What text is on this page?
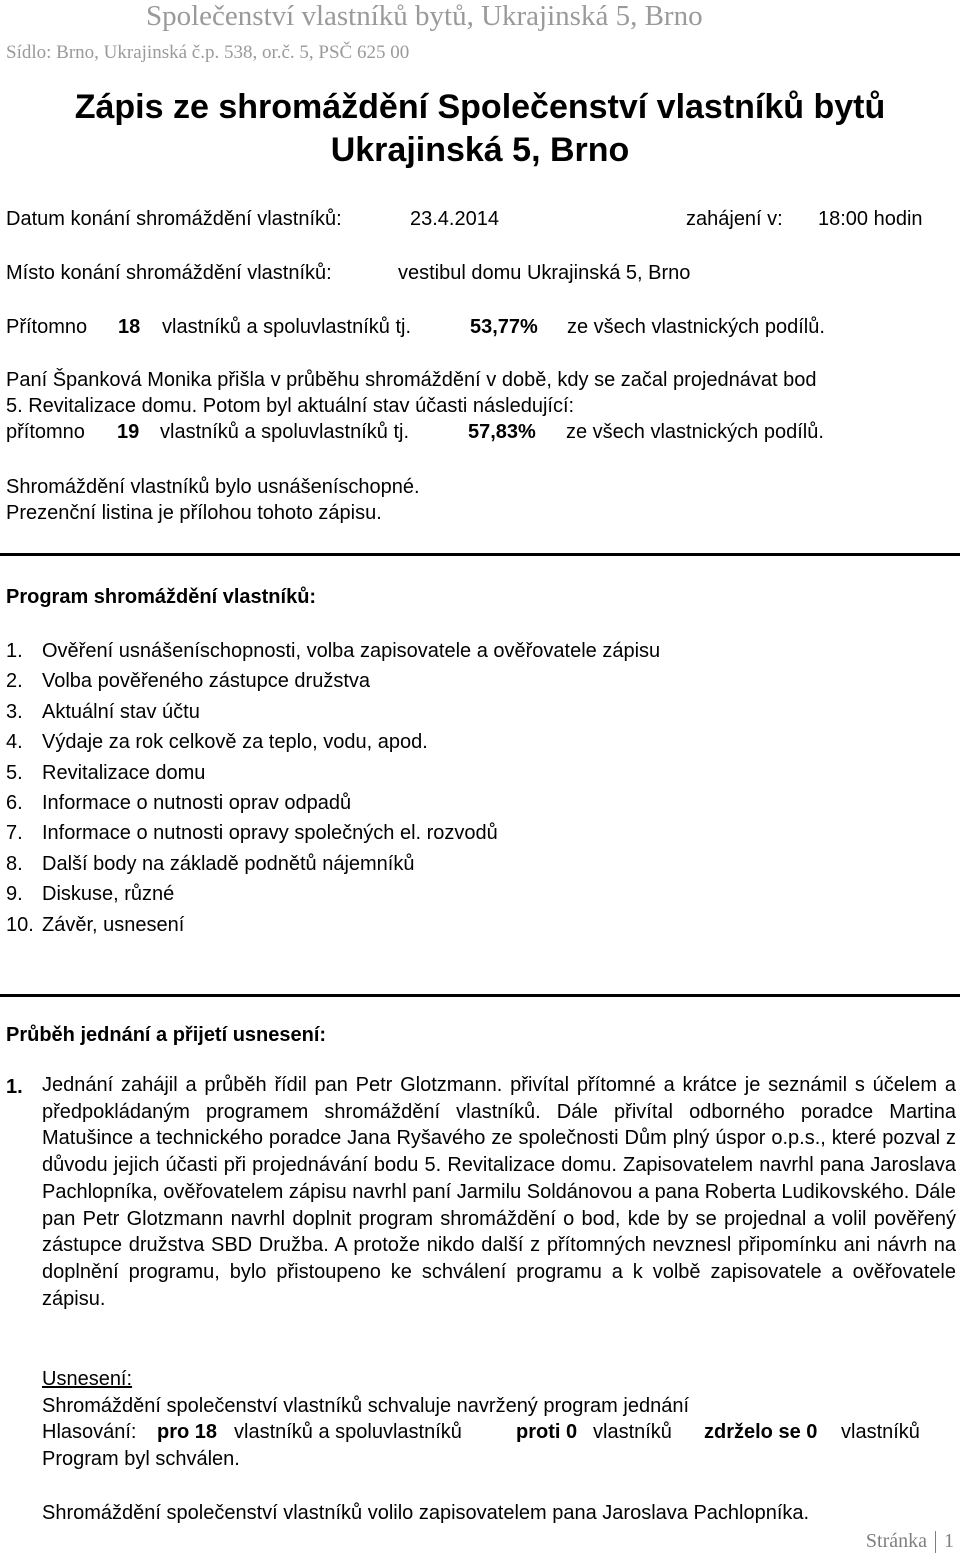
Společenství vlastníků bytů, Ukrajinská 5, Brno
Sídlo: Brno, Ukrajinská č.p. 538, or.č. 5, PSČ 625 00
Zápis ze shromáždění Společenství vlastníků bytů
Ukrajinská 5, Brno
Datum konání shromáždění vlastníků:	23.4.2014	zahájení v: 18:00 hodin
Místo konání shromáždění vlastníků:	vestibul domu Ukrajinská 5, Brno
Přítomno 18 vlastníků a spoluvlastníků tj.	53,77% ze všech vlastnických podílů.
Paní Španková Monika přišla v průběhu shromáždění v době, kdy se začal projednávat bod
5. Revitalizace domu. Potom byl aktuální stav účasti následující:
přítomno 19 vlastníků a spoluvlastníků tj.	57,83% ze všech vlastnických podílů.
Shromáždění vlastníků bylo usnášeníschopné.
Prezenční listina je přílohou tohoto zápisu.
Program shromáždění vlastníků:
1. Ověření usnášeníschopnosti, volba zapisovatele a ověřovatele zápisu
2. Volba pověřeného zástupce družstva
3. Aktuální stav účtu
4. Výdaje za rok celkově za teplo, vodu, apod.
5. Revitalizace domu
6. Informace o nutnosti oprav odpadů
7. Informace o nutnosti opravy společných el. rozvodů
8. Další body na základě podnětů nájemníků
9. Diskuse, různé
10. Závěr, usnesení
Průběh jednání a přijetí usnesení:
1. Jednání zahájil a průběh řídil pan Petr Glotzmann. přivítal přítomné a krátce je seznámil s účelem a předpokládaným programem shromáždění vlastníků. Dále přivítal odborného poradce Martina Matušince a technického poradce Jana Ryšavého ze společnosti Dům plný úspor o.p.s., které pozval z důvodu jejich účasti při projednávání bodu 5. Revitalizace domu. Zapisovatelem navrhl pana Jaroslava Pachlopníka, ověřovatelem zápisu navrhl paní Jarmilu Soldánovou a pana Roberta Ludikovského. Dále pan Petr Glotzmann navrhl doplnit program shromáždění o bod, kde by se projednal a volil pověřený zástupce družstva SBD Družba. A protože nikdo další z přítomných nevznesl připomínku ani návrh na doplnění programu, bylo přistoupeno ke schválení programu a k volbě zapisovatele a ověřovatele zápisu.

Usnesení:
Shromáždění společenství vlastníků schvaluje navržený program jednání
Hlasování: pro 18 vlastníků a spoluvlastníků	proti 0 vlastníků zdrželo se 0 vlastníků
Program byl schválen.
Shromáždění společenství vlastníků volilo zapisovatelem pana Jaroslava Pachlopníka.
Stránka 1
